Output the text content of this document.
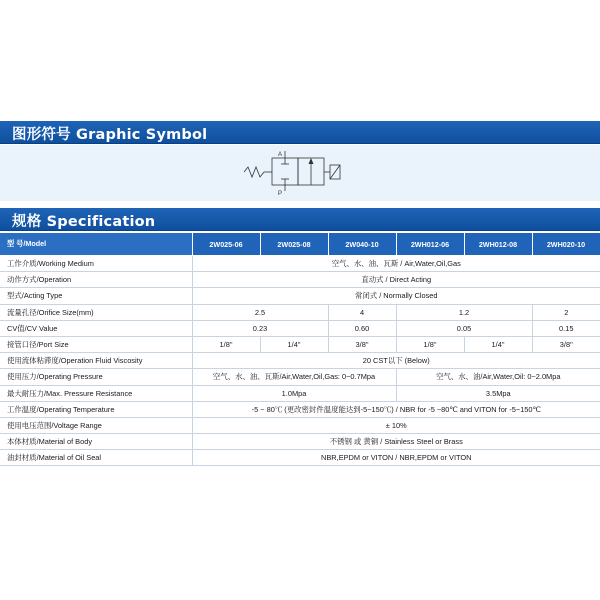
图形符号 Graphic Symbol
A
P
规格 Specification
型 号/Model	2W025-06	2W025-08	2W040-10	2WH012-06	2WH012-08	2WH020-10
工作介质/Working Medium	空气、水、油、瓦斯 / Air,Water,Oil,Gas					
动作方式/Operation	直动式 / Direct Acting					
型式/Acting Type	常闭式 / Normally Closed					
流量孔径/Orifice Size(mm)	2.5		4	1.2		2
CV值/CV Value	0.23		0.60	0.05		0.15
接管口径/Port Size	1/8"	1/4"	3/8"	1/8"	1/4"	3/8"
使用流体粘滞度/Operation Fluid Viscosity	20 CST以下 (Below)					
使用压力/Operating Pressure	空气、水、油、瓦斯/Air,Water,Oil,Gas: 0~0.7Mpa			空气、水、油/Air,Water,Oil: 0~2.0Mpa		
最大耐压力/Max. Pressure Resistance	1.0Mpa			3.5Mpa		
工作温度/Operating Temperature	-5 ~ 80℃ (更改密封件温度能达到-5~150℃) / NBR for -5 ~80℃ and VITON for -5~150℃					
使用电压范围/Voltage Range	± 10%					
本体材质/Material of Body	不锈钢 或 黄铜 / Stainless Steel or Brass					
油封材质/Material of Oil Seal	NBR,EPDM or VITON / NBR,EPDM or VITON					
